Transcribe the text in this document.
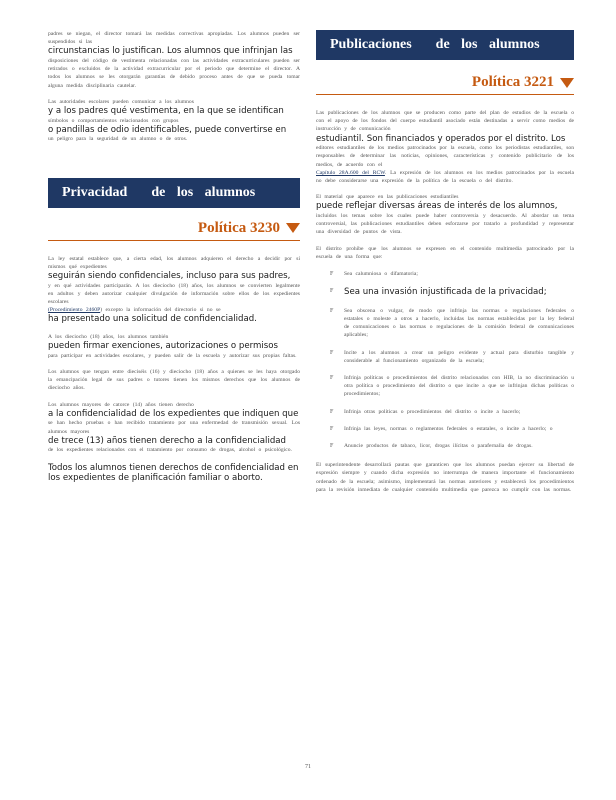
padres se niegan, el director tomará las medidas correctivas apropiadas. Los alumnos pueden ser suspendidos si las

circunstancias lo justifican. Los alumnos que infrinjan las

disposiciones del código de vestimenta relacionadas con las actividades extracurriculares pueden ser retirados o excluidos de la actividad extracurricular por el periodo que determine el director. A todos los alumnos se les otorgarán garantías de debido proceso antes de que se pueda tomar alguna medida disciplinaria cautelar.

Las autoridades escolares pueden comunicar a los alumnos

y a los padres qué vestimenta, en la que se identifican

símbolos o comportamientos relacionados con grupos

o pandillas de odio identificables, puede convertirse en

un peligro para la seguridad de un alumno o de otros.

Privacidad de los alumnos
Política 3230

La ley estatal establece que, a cierta edad, los alumnos adquieren el derecho a decidir por sí mismos qué expedientes

seguirán siendo confidenciales, incluso para sus padres,

y en qué actividades participarán. A los dieciocho (18) años, los alumnos se convierten legalmente en adultos y deben autorizar cualquier divulgación de información sobre ellos de los expedientes escolares

(Procedimiento 2460P) excepto la información del directorio si no se

ha presentado una solicitud de confidencialidad.

A los dieciocho (18) años, los alumnos también

pueden firmar exenciones, autorizaciones o permisos

para participar en actividades escolares, y pueden salir de la escuela y autorizar sus propias faltas.

Los alumnos que tengan entre dieciséis (16) y dieciocho (18) años a quienes se les haya otorgado la emancipación legal de sus padres o tutores tienen los mismos derechos que los alumnos de dieciocho años.

Los alumnos mayores de catorce (14) años tienen derecho

a la confidencialidad de los expedientes que indiquen que

se han hecho pruebas o han recibido tratamiento por una enfermedad de transmisión sexual. Los alumnos mayores

de trece (13) años tienen derecho a la confidencialidad

de los expedientes relacionados con el tratamiento por consumo de drogas, alcohol o psicológico.

Todos los alumnos tienen derechos de confidencialidad en los expedientes de planificación familiar o aborto.

Publicaciones de los alumnos
Política 3221

Las publicaciones de los alumnos que se producen como parte del plan de estudios de la escuela o con el apoyo de los fondos del cuerpo estudiantil asociado están destinadas a servir como medios de instrucción y de comunicación

estudiantil. Son financiados y operados por el distrito. Los

editores estudiantiles de los medios patrocinados por la escuela, como los periodistas estudiantiles, son responsables de determinar las noticias, opiniones, características y contenido publicitario de los medios, de acuerdo con el

Capítulo 28A.600 del RCW. La expresión de los alumnos en los medios patrocinados por la escuela no debe considerarse una expresión de la política de la escuela o del distrito.

El material que aparece en las publicaciones estudiantiles

puede reflejar diversas áreas de interés de los alumnos,

incluidos los temas sobre los cuales puede haber controversia y desacuerdo. Al abordar un tema controversial, las publicaciones estudiantiles deben esforzarse por tratarlo a profundidad y representar una diversidad de puntos de vista.

El distrito prohíbe que los alumnos se expresen en el contenido multimedia patrocinado por la escuela de una forma que:

F Sea calumniosa o difamatoria;

F Sea una invasión injustificada de la privacidad;

F Sea obscena o vulgar, de modo que infrinja las normas o regulaciones federales o estatales o moleste a otros a hacerlo, incluidas las normas establecidas por la ley federal de comunicaciones o las normas o regulaciones de la comisión federal de comunicaciones aplicables;

F Incite a los alumnos a crear un peligro evidente y actual para disturbio tangible y considerable al funcionamiento organizado de la escuela;

F Infrinja políticas o procedimientos del distrito relacionados con HIB, la no discriminación u otra política o procedimiento del distrito o que incite a que se infrinjan dichas políticas o procedimientos;

F Infrinja otras políticas o procedimientos del distrito o incite a hacerlo;

F Infrinja las leyes, normas o reglamentos federales o estatales, o incite a hacerlo; o

F Anuncie productos de tabaco, licor, drogas ilícitas o parafernalia de drogas.

El superintendente desarrollará pautas que garanticen que los alumnos puedan ejercer su libertad de expresión siempre y cuando dicha expresión no interrumpa de manera importante el funcionamiento ordenado de la escuela; asimismo, implementará las normas anteriores y establecerá los procedimientos para la revisión inmediata de cualquier contenido multimedia que parezca no cumplir con las normas.

71
